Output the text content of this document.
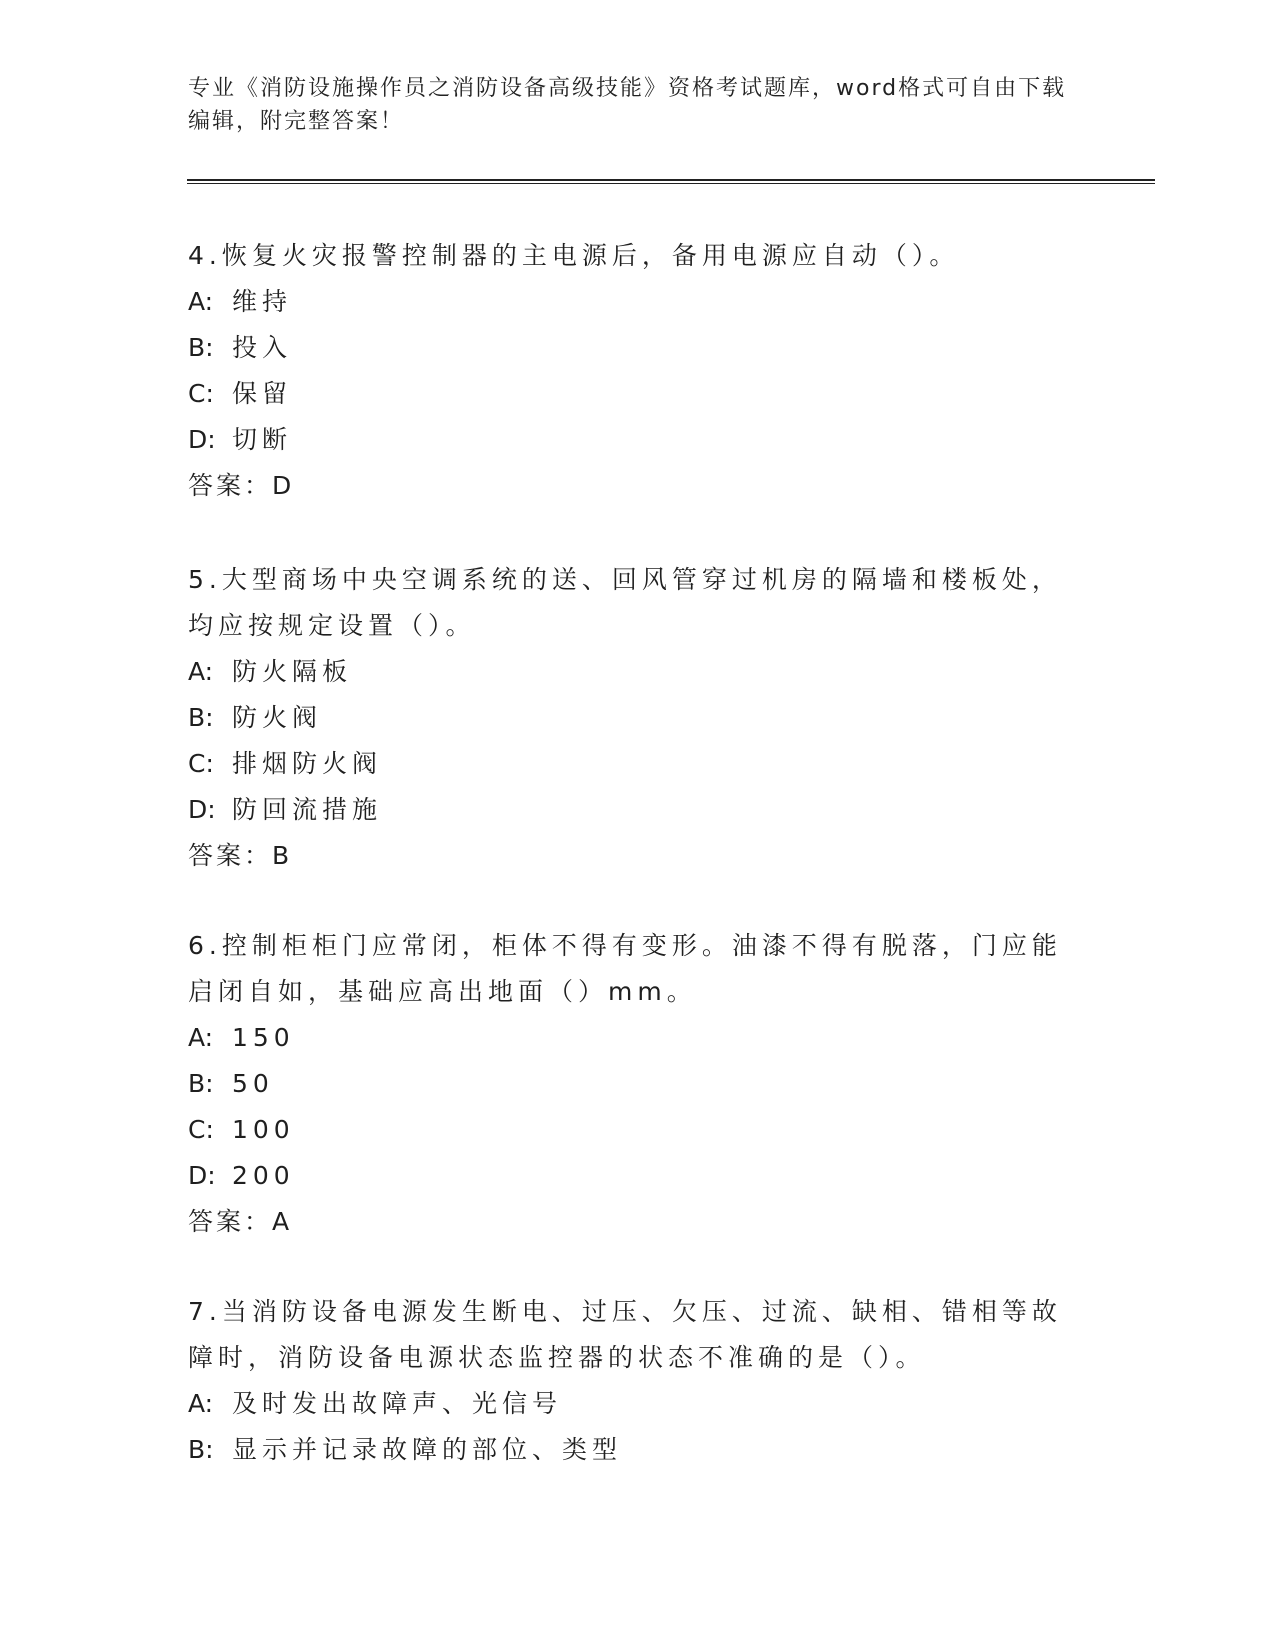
专业《消防设施操作员之消防设备高级技能》资格考试题库，word格式可自由下载编辑，附完整答案！

4.恢复火灾报警控制器的主电源后，备用电源应自动（）。

A: 维持
B: 投入
C: 保留
D: 切断
答案：D

5.大型商场中央空调系统的送、回风管穿过机房的隔墙和楼板处，均应按规定设置（）。

A: 防火隔板
B: 防火阀
C: 排烟防火阀
D: 防回流措施
答案：B

6.控制柜柜门应常闭，柜体不得有变形。油漆不得有脱落，门应能启闭自如，基础应高出地面（）mm。

A: 150
B: 50
C: 100
D: 200
答案：A

7.当消防设备电源发生断电、过压、欠压、过流、缺相、错相等故障时，消防设备电源状态监控器的状态不准确的是（）。

A: 及时发出故障声、光信号
B: 显示并记录故障的部位、类型
